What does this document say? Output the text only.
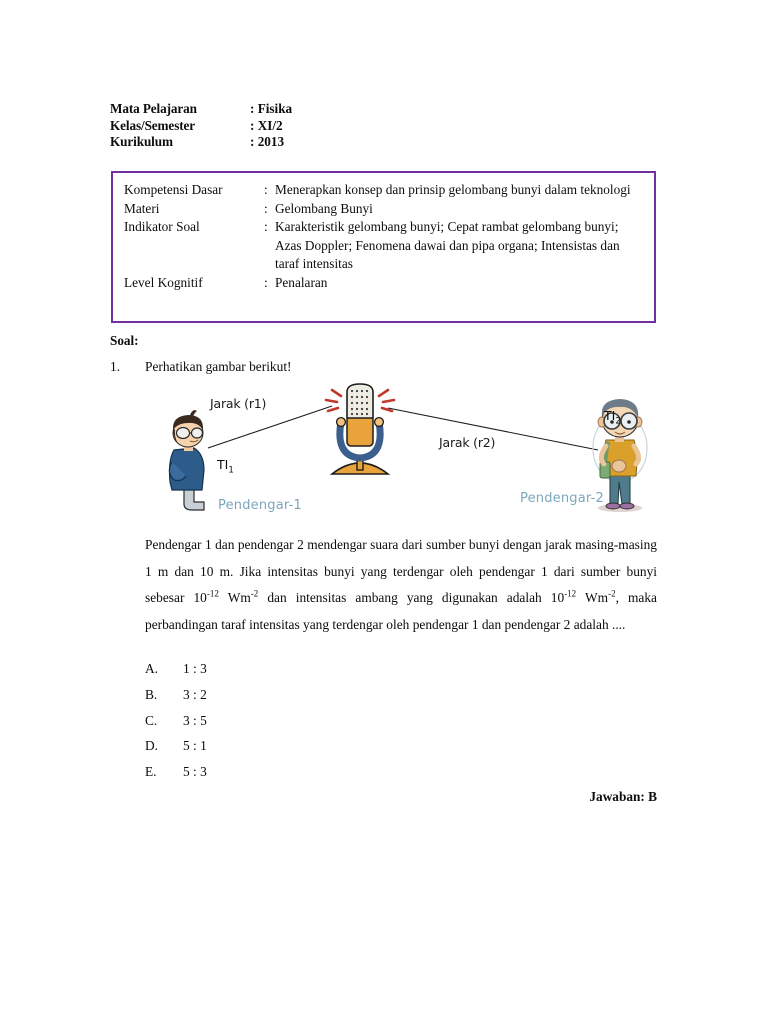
Mata Pelajaran	: Fisika
Kelas/Semester	: XI/2
Kurikulum	: 2013
Kompetensi Dasar	: Menerapkan konsep dan prinsip gelombang bunyi dalam teknologi
Materi	: Gelombang Bunyi
Indikator Soal	: Karakteristik gelombang bunyi; Cepat rambat gelombang bunyi; Azas Doppler; Fenomena dawai dan pipa organa; Intensistas dan taraf intensitas
Level Kognitif	: Penalaran
Soal:
1. Perhatikan gambar berikut!
Jarak (r1)
Jarak (r2)
$TI_1$
$TI_2$
Pendengar-1	Pendengar-2
Pendengar 1 dan pendengar 2 mendengar suara dari sumber bunyi dengan jarak masing-masing 1 m dan 10 m. Jika intensitas bunyi yang terdengar oleh pendengar 1 dari sumber bunyi sebesar $10^{-12}$ $Wm^{-2}$ dan intensitas ambang yang digunakan adalah $10^{-12}$ $Wm^{-2}$, maka perbandingan taraf intensitas yang terdengar oleh pendengar 1 dan pendengar 2 adalah ....
A.	1 : 3
B.	3 : 2
C.	3 : 5
D.	5 : 1
E.	5 : 3
Jawaban: B
